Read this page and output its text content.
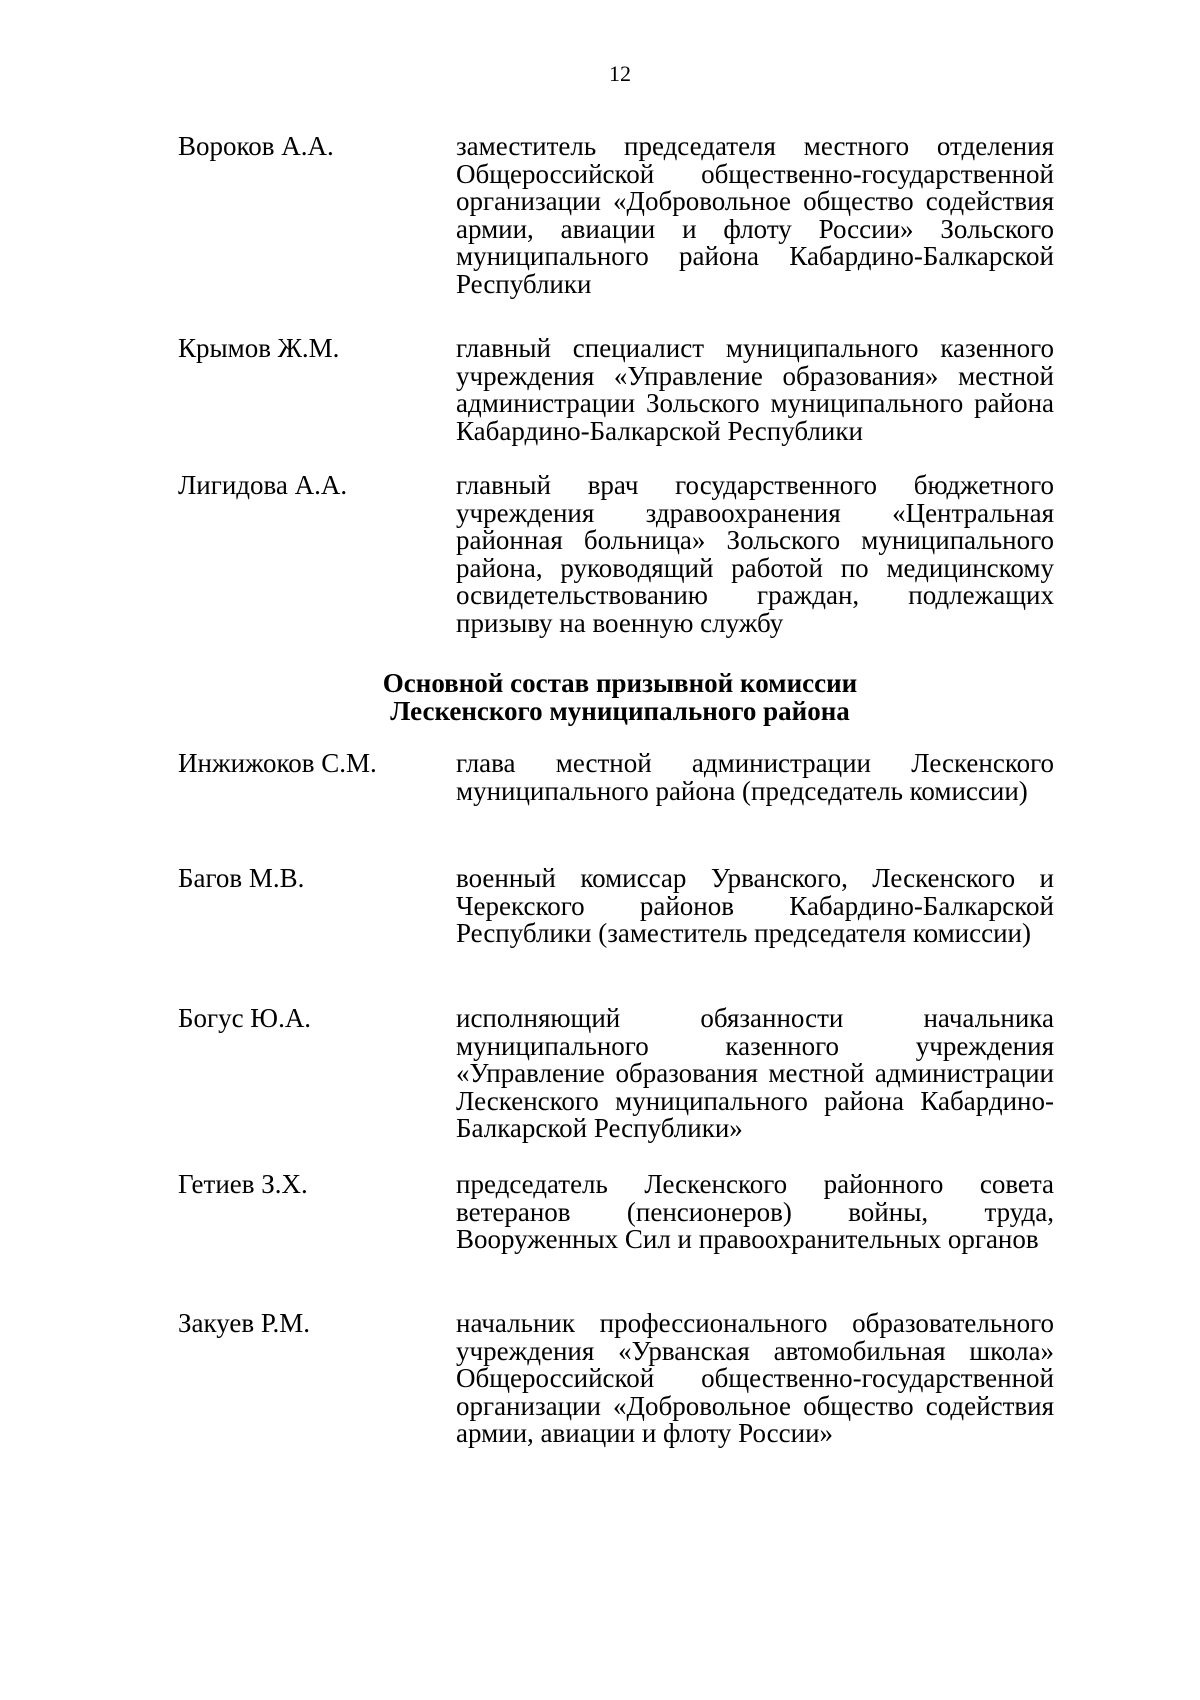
12
Вороков А.А.	заместитель председателя местного отделения Общероссийской общественно-государственной организации «Добровольное общество содействия армии, авиации и флоту России» Зольского муниципального района Кабардино-Балкарской Республики
Крымов Ж.М.	главный специалист муниципального казенного учреждения «Управление образования» местной администрации Зольского муниципального района Кабардино-Балкарской Республики
Лигидова А.А.	главный врач государственного бюджетного учреждения здравоохранения «Центральная районная больница» Зольского муниципального района, руководящий работой по медицинскому освидетельствованию граждан, подлежащих призыву на военную службу
Основной состав призывной комиссии
Лескенского муниципального района
Инжижоков С.М.	глава местной администрации Лескенского муниципального района (председатель комиссии)
Багов М.В.	военный комиссар Урванского, Лескенского и Черекского районов Кабардино-Балкарской Республики (заместитель председателя комиссии)
Богус Ю.А.	исполняющий обязанности начальника муниципального казенного учреждения «Управление образования местной администрации Лескенского муниципального района Кабардино-Балкарской Республики»
Гетиев З.Х.	председатель Лескенского районного совета ветеранов (пенсионеров) войны, труда, Вооруженных Сил и правоохранительных органов
Закуев Р.М.	начальник профессионального образовательного учреждения «Урванская автомобильная школа» Общероссийской общественно-государственной организации «Добровольное общество содействия армии, авиации и флоту России»
